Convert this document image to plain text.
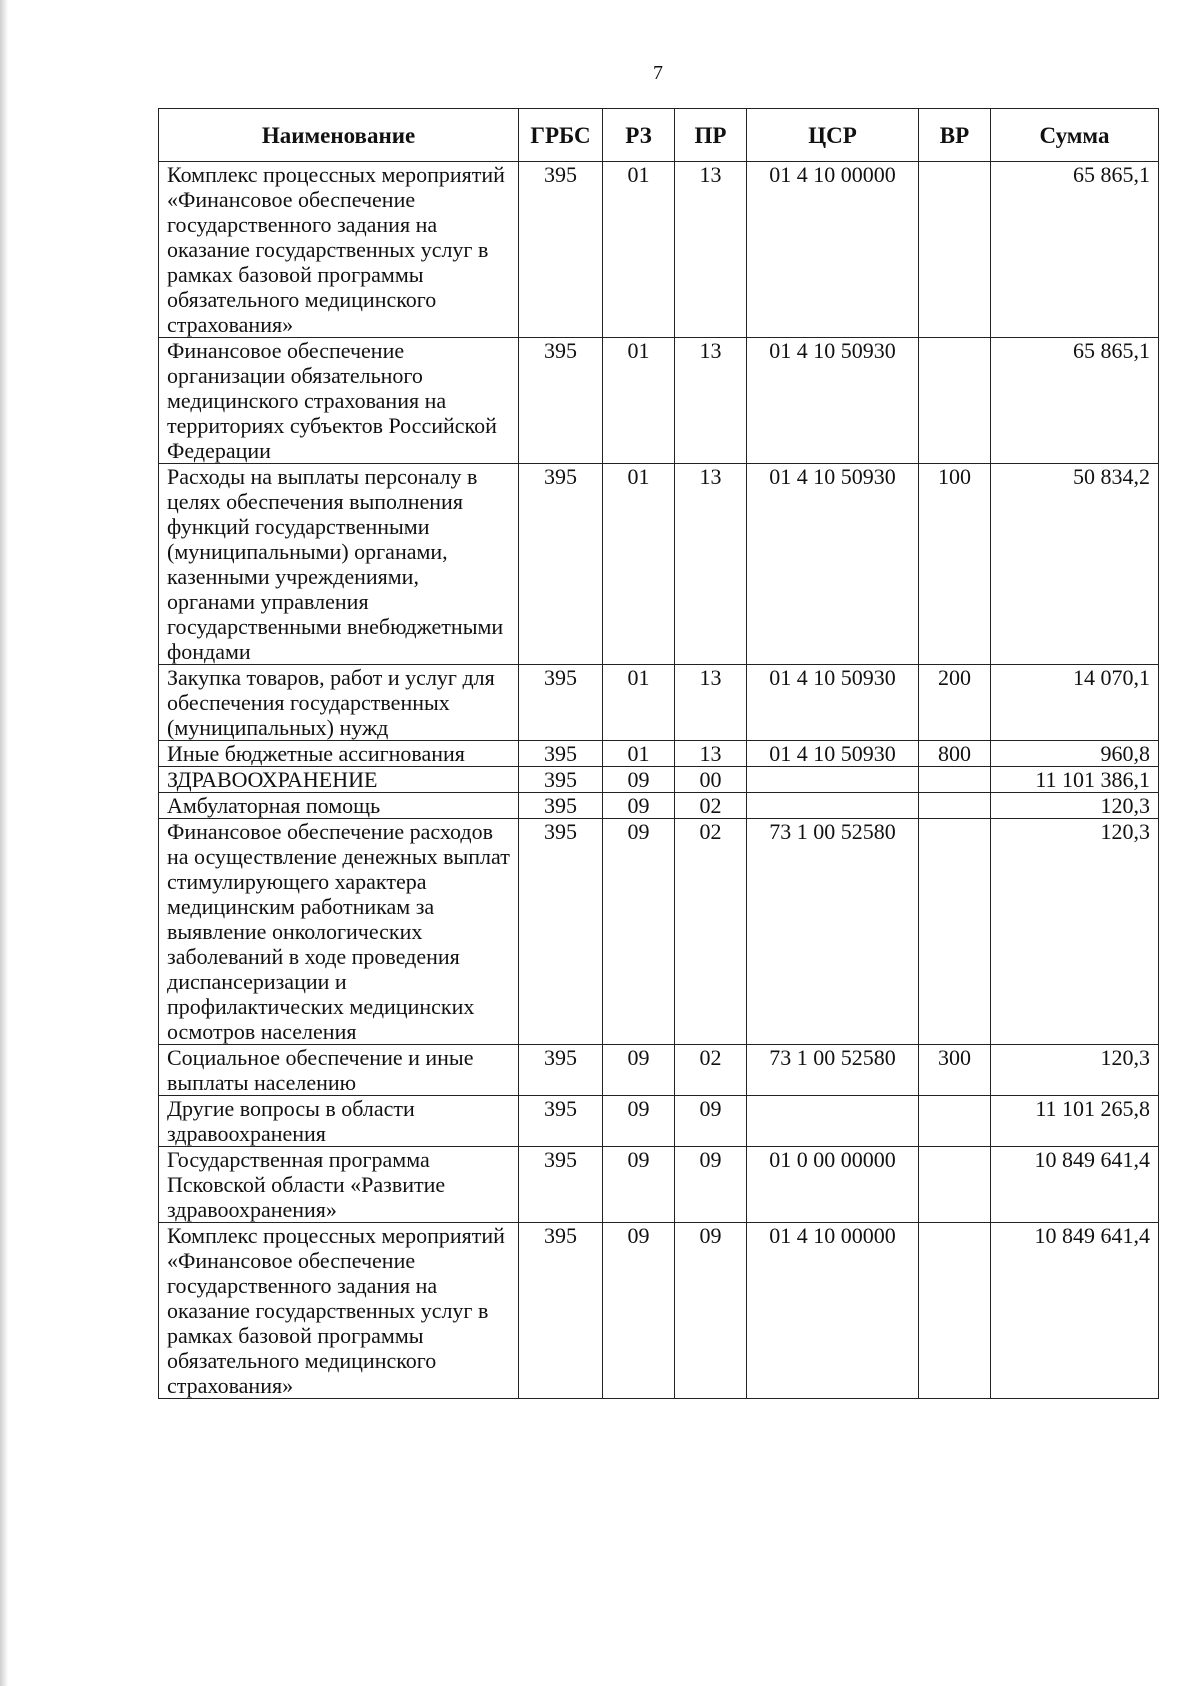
7
Наименование	ГРБС	РЗ	ПР	ЦСР	ВР	Сумма
Комплекс процессных мероприятий «Финансовое обеспечение государственного задания на оказание государственных услуг в рамках базовой программы обязательного медицинского страхования»	395	01	13	01 4 10 00000		65 865,1
Финансовое обеспечение организации обязательного медицинского страхования на территориях субъектов Российской Федерации	395	01	13	01 4 10 50930		65 865,1
Расходы на выплаты персоналу в целях обеспечения выполнения функций государственными (муниципальными) органами, казенными учреждениями, органами управления государственными внебюджетными фондами	395	01	13	01 4 10 50930	100	50 834,2
Закупка товаров, работ и услуг для обеспечения государственных (муниципальных) нужд	395	01	13	01 4 10 50930	200	14 070,1
Иные бюджетные ассигнования	395	01	13	01 4 10 50930	800	960,8
ЗДРАВООХРАНЕНИЕ	395	09	00			11 101 386,1
Амбулаторная помощь	395	09	02			120,3
Финансовое обеспечение расходов на осуществление денежных выплат стимулирующего характера медицинским работникам за выявление онкологических заболеваний в ходе проведения диспансеризации и профилактических медицинских осмотров населения	395	09	02	73 1 00 52580		120,3
Социальное обеспечение и иные выплаты населению	395	09	02	73 1 00 52580	300	120,3
Другие вопросы в области здравоохранения	395	09	09			11 101 265,8
Государственная программа Псковской области «Развитие здравоохранения»	395	09	09	01 0 00 00000		10 849 641,4
Комплекс процессных мероприятий «Финансовое обеспечение государственного задания на оказание государственных услуг в рамках базовой программы обязательного медицинского страхования»	395	09	09	01 4 10 00000		10 849 641,4
